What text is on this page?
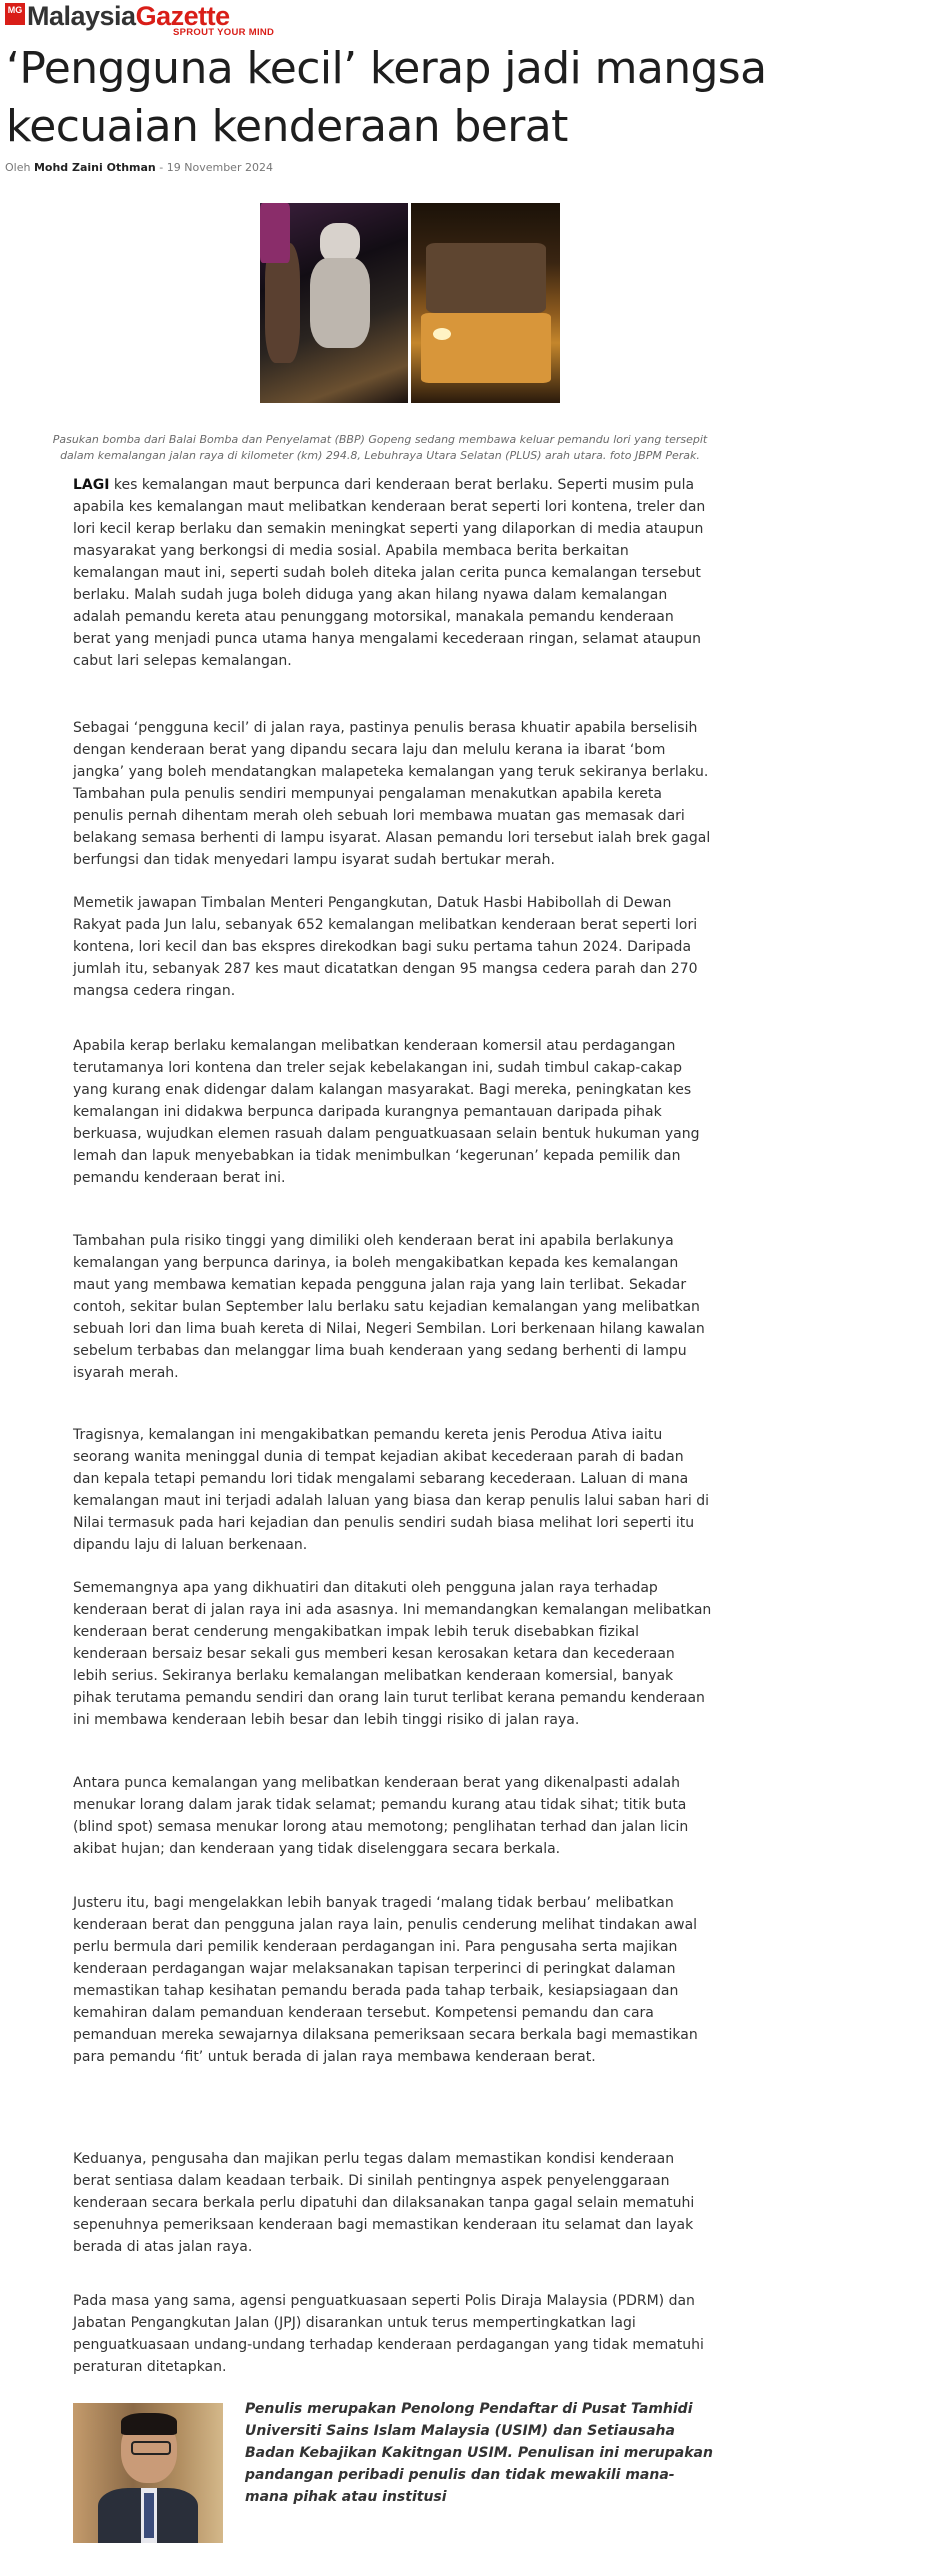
MG MalaysiaGazette
SPROUT YOUR MIND
‘Pengguna kecil’ kerap jadi mangsa kecuaian kenderaan berat
Oleh Mohd Zaini Othman - 19 November 2024

Pasukan bomba dari Balai Bomba dan Penyelamat (BBP) Gopeng sedang membawa keluar pemandu lori yang tersepit dalam kemalangan jalan raya di kilometer (km) 294.8, Lebuhraya Utara Selatan (PLUS) arah utara. foto JBPM Perak.

LAGI kes kemalangan maut berpunca dari kenderaan berat berlaku. Seperti musim pula apabila kes kemalangan maut melibatkan kenderaan berat seperti lori kontena, treler dan lori kecil kerap berlaku dan semakin meningkat seperti yang dilaporkan di media ataupun masyarakat yang berkongsi di media sosial. Apabila membaca berita berkaitan kemalangan maut ini, seperti sudah boleh diteka jalan cerita punca kemalangan tersebut berlaku. Malah sudah juga boleh diduga yang akan hilang nyawa dalam kemalangan adalah pemandu kereta atau penunggang motorsikal, manakala pemandu kenderaan berat yang menjadi punca utama hanya mengalami kecederaan ringan, selamat ataupun cabut lari selepas kemalangan.

Sebagai ‘pengguna kecil’ di jalan raya, pastinya penulis berasa khuatir apabila berselisih dengan kenderaan berat yang dipandu secara laju dan melulu kerana ia ibarat ‘bom jangka’ yang boleh mendatangkan malapeteka kemalangan yang teruk sekiranya berlaku. Tambahan pula penulis sendiri mempunyai pengalaman menakutkan apabila kereta penulis pernah dihentam merah oleh sebuah lori membawa muatan gas memasak dari belakang semasa berhenti di lampu isyarat. Alasan pemandu lori tersebut ialah brek gagal berfungsi dan tidak menyedari lampu isyarat sudah bertukar merah.

Memetik jawapan Timbalan Menteri Pengangkutan, Datuk Hasbi Habibollah di Dewan Rakyat pada Jun lalu, sebanyak 652 kemalangan melibatkan kenderaan berat seperti lori kontena, lori kecil dan bas ekspres direkodkan bagi suku pertama tahun 2024. Daripada jumlah itu, sebanyak 287 kes maut dicatatkan dengan 95 mangsa cedera parah dan 270 mangsa cedera ringan.

Apabila kerap berlaku kemalangan melibatkan kenderaan komersil atau perdagangan terutamanya lori kontena dan treler sejak kebelakangan ini, sudah timbul cakap-cakap yang kurang enak didengar dalam kalangan masyarakat. Bagi mereka, peningkatan kes kemalangan ini didakwa berpunca daripada kurangnya pemantauan daripada pihak berkuasa, wujudkan elemen rasuah dalam penguatkuasaan selain bentuk hukuman yang lemah dan lapuk menyebabkan ia tidak menimbulkan ‘kegerunan’ kepada pemilik dan pemandu kenderaan berat ini.

Tambahan pula risiko tinggi yang dimiliki oleh kenderaan berat ini apabila berlakunya kemalangan yang berpunca darinya, ia boleh mengakibatkan kepada kes kemalangan maut yang membawa kematian kepada pengguna jalan raja yang lain terlibat. Sekadar contoh, sekitar bulan September lalu berlaku satu kejadian kemalangan yang melibatkan sebuah lori dan lima buah kereta di Nilai, Negeri Sembilan. Lori berkenaan hilang kawalan sebelum terbabas dan melanggar lima buah kenderaan yang sedang berhenti di lampu isyarah merah.

Tragisnya, kemalangan ini mengakibatkan pemandu kereta jenis Perodua Ativa iaitu seorang wanita meninggal dunia di tempat kejadian akibat kecederaan parah di badan dan kepala tetapi pemandu lori tidak mengalami sebarang kecederaan. Laluan di mana kemalangan maut ini terjadi adalah laluan yang biasa dan kerap penulis lalui saban hari di Nilai termasuk pada hari kejadian dan penulis sendiri sudah biasa melihat lori seperti itu dipandu laju di laluan berkenaan.

Sememangnya apa yang dikhuatiri dan ditakuti oleh pengguna jalan raya terhadap kenderaan berat di jalan raya ini ada asasnya. Ini memandangkan kemalangan melibatkan kenderaan berat cenderung mengakibatkan impak lebih teruk disebabkan fizikal kenderaan bersaiz besar sekali gus memberi kesan kerosakan ketara dan kecederaan lebih serius. Sekiranya berlaku kemalangan melibatkan kenderaan komersial, banyak pihak terutama pemandu sendiri dan orang lain turut terlibat kerana pemandu kenderaan ini membawa kenderaan lebih besar dan lebih tinggi risiko di jalan raya.

Antara punca kemalangan yang melibatkan kenderaan berat yang dikenalpasti adalah menukar lorang dalam jarak tidak selamat; pemandu kurang atau tidak sihat; titik buta (blind spot) semasa menukar lorong atau memotong; penglihatan terhad dan jalan licin akibat hujan; dan kenderaan yang tidak diselenggara secara berkala.

Justeru itu, bagi mengelakkan lebih banyak tragedi ‘malang tidak berbau’ melibatkan kenderaan berat dan pengguna jalan raya lain, penulis cenderung melihat tindakan awal perlu bermula dari pemilik kenderaan perdagangan ini. Para pengusaha serta majikan kenderaan perdagangan wajar melaksanakan tapisan terperinci di peringkat dalaman memastikan tahap kesihatan pemandu berada pada tahap terbaik, kesiapsiagaan dan kemahiran dalam pemanduan kenderaan tersebut. Kompetensi pemandu dan cara pemanduan mereka sewajarnya dilaksana pemeriksaan secara berkala bagi memastikan para pemandu ‘fit’ untuk berada di jalan raya membawa kenderaan berat.

Keduanya, pengusaha dan majikan perlu tegas dalam memastikan kondisi kenderaan berat sentiasa dalam keadaan terbaik. Di sinilah pentingnya aspek penyelenggaraan kenderaan secara berkala perlu dipatuhi dan dilaksanakan tanpa gagal selain mematuhi sepenuhnya pemeriksaan kenderaan bagi memastikan kenderaan itu selamat dan layak berada di atas jalan raya.

Pada masa yang sama, agensi penguatkuasaan seperti Polis Diraja Malaysia (PDRM) dan Jabatan Pengangkutan Jalan (JPJ) disarankan untuk terus mempertingkatkan lagi penguatkuasaan undang-undang terhadap kenderaan perdagangan yang tidak mematuhi peraturan ditetapkan.

Penulis merupakan Penolong Pendaftar di Pusat Tamhidi Universiti Sains Islam Malaysia (USIM) dan Setiausaha Badan Kebajikan Kakitngan USIM. Penulisan ini merupakan pandangan peribadi penulis dan tidak mewakili mana-mana pihak atau institusi
